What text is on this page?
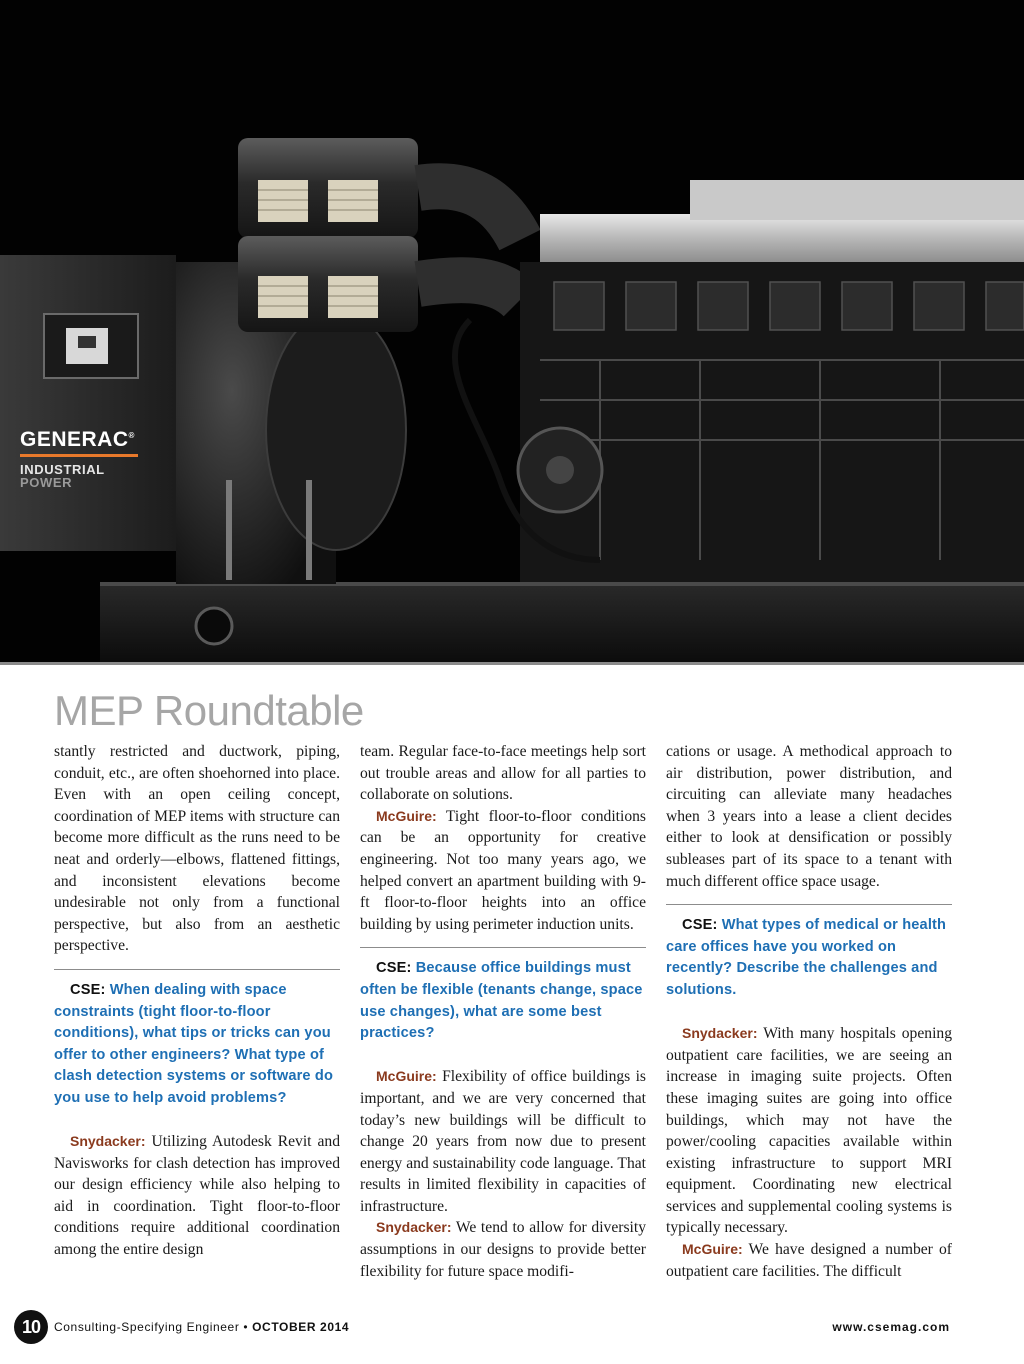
GENERAC®
INDUSTRIAL
POWER
MEP Roundtable

stantly restricted and ductwork, piping, conduit, etc., are often shoehorned into place. Even with an open ceiling concept, coordination of MEP items with structure can become more difficult as the runs need to be neat and orderly—elbows, flattened fittings, and inconsistent elevations become undesirable not only from a functional perspective, but also from an aesthetic perspective.

CSE: When dealing with space constraints (tight floor-to-floor conditions), what tips or tricks can you offer to other engineers? What type of clash detection systems or software do you use to help avoid problems?

Snydacker: Utilizing Autodesk Revit and Navisworks for clash detection has improved our design efficiency while also helping to aid in coordination. Tight floor-to-floor conditions require additional coordination among the entire design

team. Regular face-to-face meetings help sort out trouble areas and allow for all parties to collaborate on solutions.

McGuire: Tight floor-to-floor conditions can be an opportunity for creative engineering. Not too many years ago, we helped convert an apartment building with 9-ft floor-to-floor heights into an office building by using perimeter induction units.

CSE: Because office buildings must often be flexible (tenants change, space use changes), what are some best practices?

McGuire: Flexibility of office buildings is important, and we are very concerned that today’s new buildings will be difficult to change 20 years from now due to present energy and sustainability code language. That results in limited flexibility in capacities of infrastructure.

Snydacker: We tend to allow for diversity assumptions in our designs to provide better flexibility for future space modifi-

cations or usage. A methodical approach to air distribution, power distribution, and circuiting can alleviate many headaches when 3 years into a lease a client decides either to look at densification or possibly subleases part of its space to a tenant with much different office space usage.

CSE: What types of medical or health care offices have you worked on recently? Describe the challenges and solutions.

Snydacker: With many hospitals opening outpatient care facilities, we are seeing an increase in imaging suite projects. Often these imaging suites are going into office buildings, which may not have the power/cooling capacities available within existing infrastructure to support MRI equipment. Coordinating new electrical services and supplemental cooling systems is typically necessary.

McGuire: We have designed a number of outpatient care facilities. The difficult

10	Consulting-Specifying Engineer • OCTOBER 2014	www.csemag.com
